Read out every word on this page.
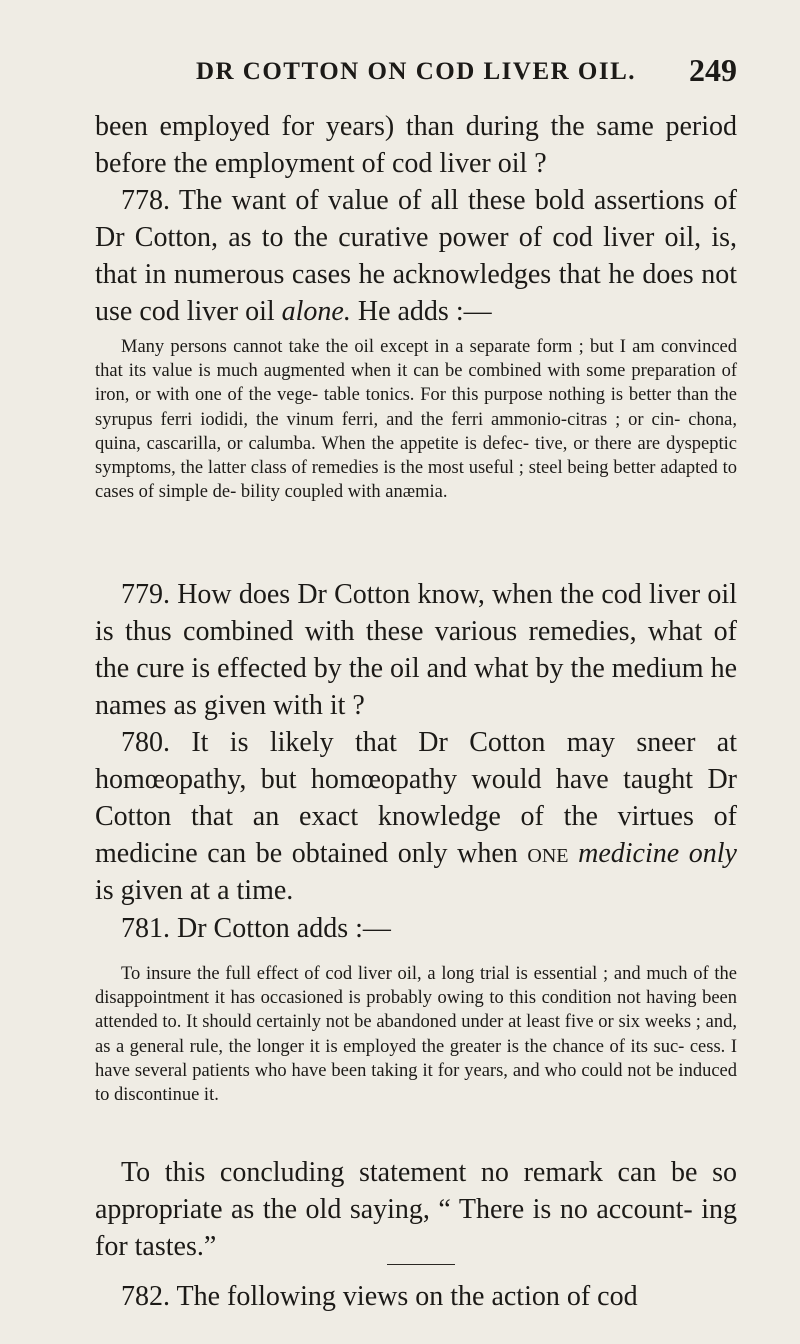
DR COTTON ON COD LIVER OIL.	249

been employed for years) than during the same period before the employment of cod liver oil ?

778. The want of value of all these bold assertions of Dr Cotton, as to the curative power of cod liver oil, is, that in numerous cases he acknowledges that he does not use cod liver oil alone. He adds :—

Many persons cannot take the oil except in a separate form ; but I am convinced that its value is much augmented when it can be combined with some preparation of iron, or with one of the vege- table tonics. For this purpose nothing is better than the syrupus ferri iodidi, the vinum ferri, and the ferri ammonio-citras ; or cin- chona, quina, cascarilla, or calumba. When the appetite is defec- tive, or there are dyspeptic symptoms, the latter class of remedies is the most useful ; steel being better adapted to cases of simple de- bility coupled with anæmia.

779. How does Dr Cotton know, when the cod liver oil is thus combined with these various remedies, what of the cure is effected by the oil and what by the medium he names as given with it ?

780. It is likely that Dr Cotton may sneer at homœopathy, but homœopathy would have taught Dr Cotton that an exact knowledge of the virtues of medicine can be obtained only when one medicine only is given at a time.

781. Dr Cotton adds :—

To insure the full effect of cod liver oil, a long trial is essential ; and much of the disappointment it has occasioned is probably owing to this condition not having been attended to. It should certainly not be abandoned under at least five or six weeks ; and, as a general rule, the longer it is employed the greater is the chance of its suc- cess. I have several patients who have been taking it for years, and who could not be induced to discontinue it.

To this concluding statement no remark can be so appropriate as the old saying, “ There is no account- ing for tastes.”

782. The following views on the action of cod
